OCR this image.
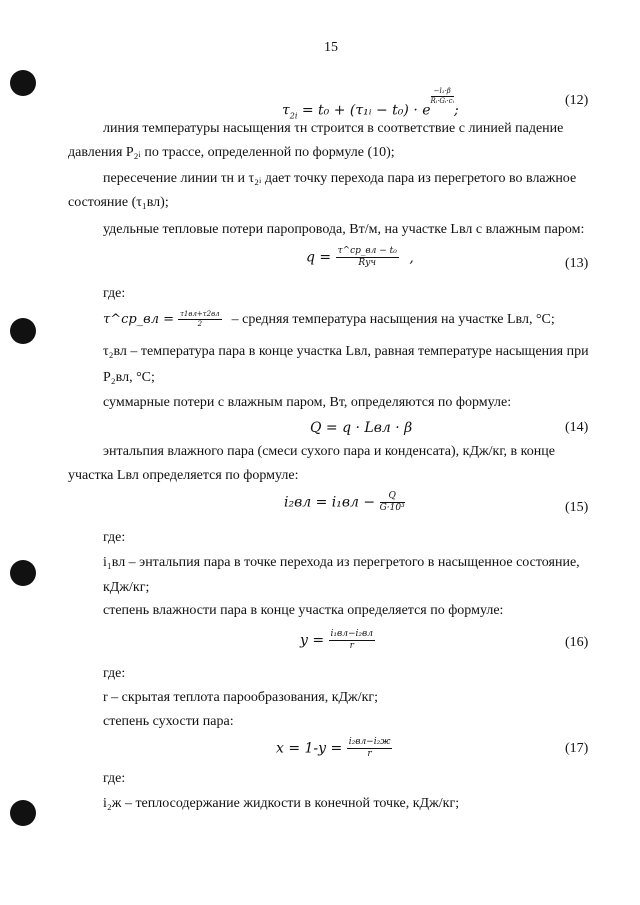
15
$\tau_{2i} = t_0$ + (τ₁ᵢ − t₀) · e
$^{\frac{\text{−l₁·β}}{\text{Rᵢ·Gᵢ·cᵢ}}}$
;
(12)
линия температуры насыщения τн строится в соответствие с линией падение
давления P₂ᵢ по трассе, определенной по формуле (10);
пересечение линии τн и τ₂ᵢ дает точку перехода пара из перегретого во влажное
состояние (τ₁вл);
удельные тепловые потери паропровода, Вт/м, на участке Lвл с влажным паром:
$q = \frac{\text{τ\textasciicircum{}ср\_вл − t₀}}{\text{Rуч}}$ ,	(13)
где:
τ^ср_вл = $\frac{\tau 1вл+\tau 2вл}{2}$ – средняя температура насыщения на участке Lвл, °C;
τ₂вл – температура пара в конце участка Lвл, равная температуре насыщения при
P₂вл, °C;
суммарные потери с влажным паром, Вт, определяются по формуле:
Q = q · Lвл · β	(14)
энтальпия влажного пара (смеси сухого пара и конденсата), кДж/кг, в конце
участка Lвл определяется по формуле:
$i_2вл = i_1вл - \frac{Q}{\text{G·10³}}$	(15)
где:
i₁вл – энтальпия пара в точке перехода из перегретого в насыщенное состояние,
кДж/кг;
степень влажности пара в конце участка определяется по формуле:
$y = \frac{\text{i₁вл−i₂вл}}{r}$	(16)
где:
r – скрытая теплота парообразования, кДж/кг;
степень сухости пара:
$x = 1-y = \frac{\text{i₂вл−i₂ж}}{r}$	(17)
где:
i₂ж – теплосодержание жидкости в конечной точке, кДж/кг;
